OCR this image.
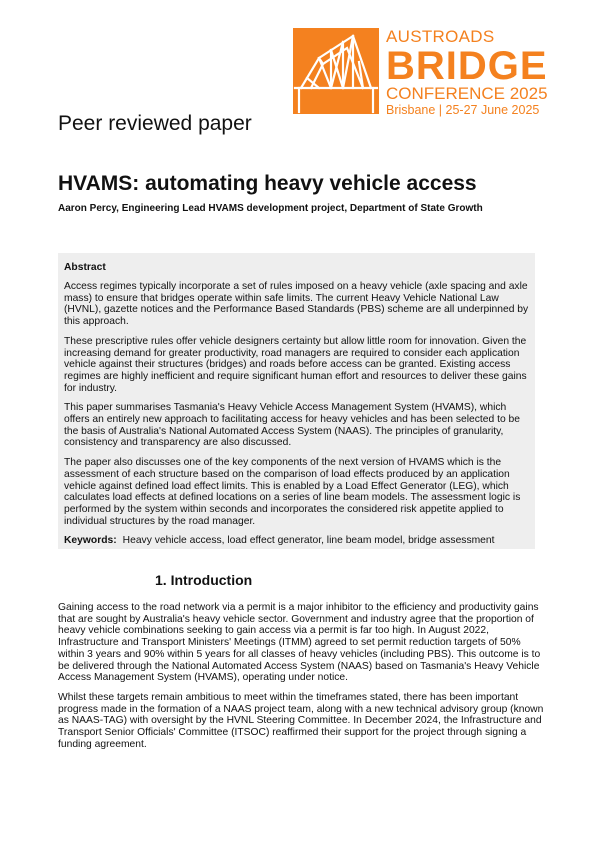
AUSTROADS
BRIDGE
CONFERENCE 2025
Brisbane | 25-27 June 2025
Peer reviewed paper
HVAMS: automating heavy vehicle access
Aaron Percy, Engineering Lead HVAMS development project, Department of State Growth
Abstract

Access regimes typically incorporate a set of rules imposed on a heavy vehicle (axle spacing and axle mass) to ensure that bridges operate within safe limits. The current Heavy Vehicle National Law (HVNL), gazette notices and the Performance Based Standards (PBS) scheme are all underpinned by this approach.

These prescriptive rules offer vehicle designers certainty but allow little room for innovation. Given the increasing demand for greater productivity, road managers are required to consider each application vehicle against their structures (bridges) and roads before access can be granted. Existing access regimes are highly inefficient and require significant human effort and resources to deliver these gains for industry.

This paper summarises Tasmania's Heavy Vehicle Access Management System (HVAMS), which offers an entirely new approach to facilitating access for heavy vehicles and has been selected to be the basis of Australia's National Automated Access System (NAAS). The principles of granularity, consistency and transparency are also discussed.

The paper also discusses one of the key components of the next version of HVAMS which is the assessment of each structure based on the comparison of load effects produced by an application vehicle against defined load effect limits. This is enabled by a Load Effect Generator (LEG), which calculates load effects at defined locations on a series of line beam models. The assessment logic is performed by the system within seconds and incorporates the considered risk appetite applied to individual structures by the road manager.

Keywords: Heavy vehicle access, load effect generator, line beam model, bridge assessment
1. Introduction

Gaining access to the road network via a permit is a major inhibitor to the efficiency and productivity gains that are sought by Australia's heavy vehicle sector. Government and industry agree that the proportion of heavy vehicle combinations seeking to gain access via a permit is far too high. In August 2022, Infrastructure and Transport Ministers' Meetings (ITMM) agreed to set permit reduction targets of 50% within 3 years and 90% within 5 years for all classes of heavy vehicles (including PBS). This outcome is to be delivered through the National Automated Access System (NAAS) based on Tasmania's Heavy Vehicle Access Management System (HVAMS), operating under notice.

Whilst these targets remain ambitious to meet within the timeframes stated, there has been important progress made in the formation of a NAAS project team, along with a new technical advisory group (known as NAAS-TAG) with oversight by the HVNL Steering Committee. In December 2024, the Infrastructure and Transport Senior Officials' Committee (ITSOC) reaffirmed their support for the project through signing a funding agreement.
